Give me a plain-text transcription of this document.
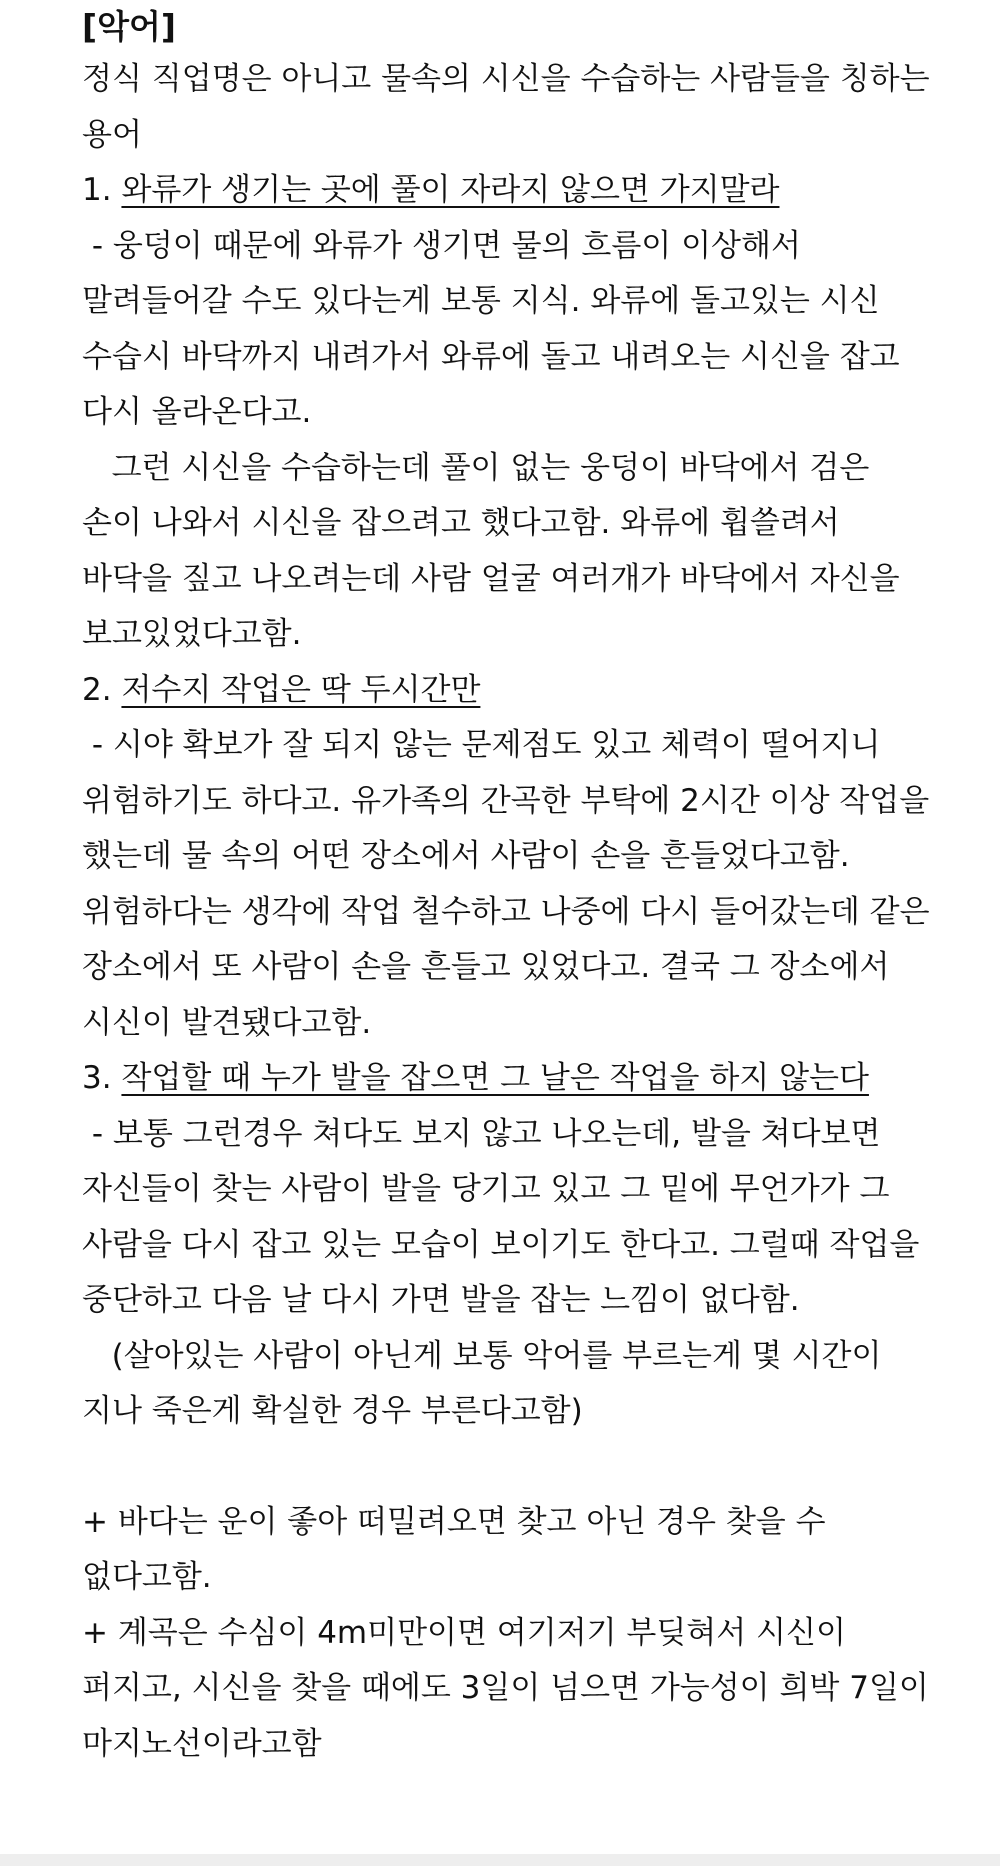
[악어]
정식 직업명은 아니고 물속의 시신을 수습하는 사람들을 칭하는 용어
1. 와류가 생기는 곳에 풀이 자라지 않으면 가지말라
- 웅덩이 때문에 와류가 생기면 물의 흐름이 이상해서 말려들어갈 수도 있다는게 보통 지식. 와류에 돌고있는 시신 수습시 바닥까지 내려가서 와류에 돌고 내려오는 시신을 잡고 다시 올라온다고.
그런 시신을 수습하는데 풀이 없는 웅덩이 바닥에서 검은 손이 나와서 시신을 잡으려고 했다고함. 와류에 휩쓸려서 바닥을 짚고 나오려는데 사람 얼굴 여러개가 바닥에서 자신을 보고있었다고함.
2. 저수지 작업은 딱 두시간만
- 시야 확보가 잘 되지 않는 문제점도 있고 체력이 떨어지니 위험하기도 하다고. 유가족의 간곡한 부탁에 2시간 이상 작업을 했는데 물 속의 어떤 장소에서 사람이 손을 흔들었다고함. 위험하다는 생각에 작업 철수하고 나중에 다시 들어갔는데 같은 장소에서 또 사람이 손을 흔들고 있었다고. 결국 그 장소에서 시신이 발견됐다고함.
3. 작업할 때 누가 발을 잡으면 그 날은 작업을 하지 않는다
- 보통 그런경우 쳐다도 보지 않고 나오는데, 발을 쳐다보면 자신들이 찾는 사람이 발을 당기고 있고 그 밑에 무언가가 그 사람을 다시 잡고 있는 모습이 보이기도 한다고. 그럴때 작업을 중단하고 다음 날 다시 가면 발을 잡는 느낌이 없다함.
(살아있는 사람이 아닌게 보통 악어를 부르는게 몇 시간이 지나 죽은게 확실한 경우 부른다고함)
+ 바다는 운이 좋아 떠밀려오면 찾고 아닌 경우 찾을 수 없다고함.
+ 계곡은 수심이 4m미만이면 여기저기 부딪혀서 시신이 퍼지고, 시신을 찾을 때에도 3일이 넘으면 가능성이 희박 7일이 마지노선이라고함
